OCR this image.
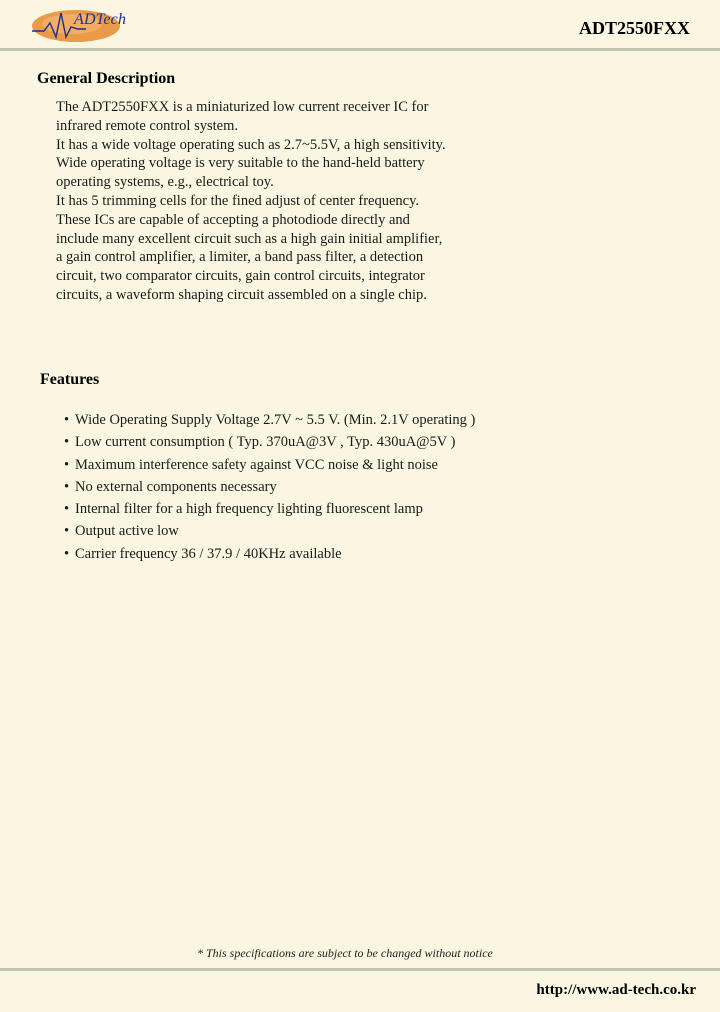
ADTech	ADT2550FXX
General Description
The ADT2550FXX is a miniaturized low current receiver IC for
infrared remote control system.
It has a wide voltage operating such as 2.7~5.5V, a high sensitivity.
Wide operating voltage is very suitable to the hand-held battery
operating systems, e.g., electrical toy.
It has 5 trimming cells for the fined adjust of center frequency.
These ICs are capable of accepting a photodiode directly and
include many excellent circuit such as a high gain initial amplifier,
a gain control amplifier, a limiter, a band pass filter, a detection
circuit, two comparator circuits, gain control circuits, integrator
circuits, a waveform shaping circuit assembled on a single chip.
Features
• Wide Operating Supply Voltage 2.7V ~ 5.5 V. (Min. 2.1V operating )
• Low current consumption ( Typ. 370uA@3V , Typ. 430uA@5V )
• Maximum interference safety against VCC noise & light noise
• No external components necessary
• Internal filter for a high frequency lighting fluorescent lamp
• Output active low
• Carrier frequency 36 / 37.9 / 40KHz available
* This specifications are subject to be changed without notice
http://www.ad-tech.co.kr
